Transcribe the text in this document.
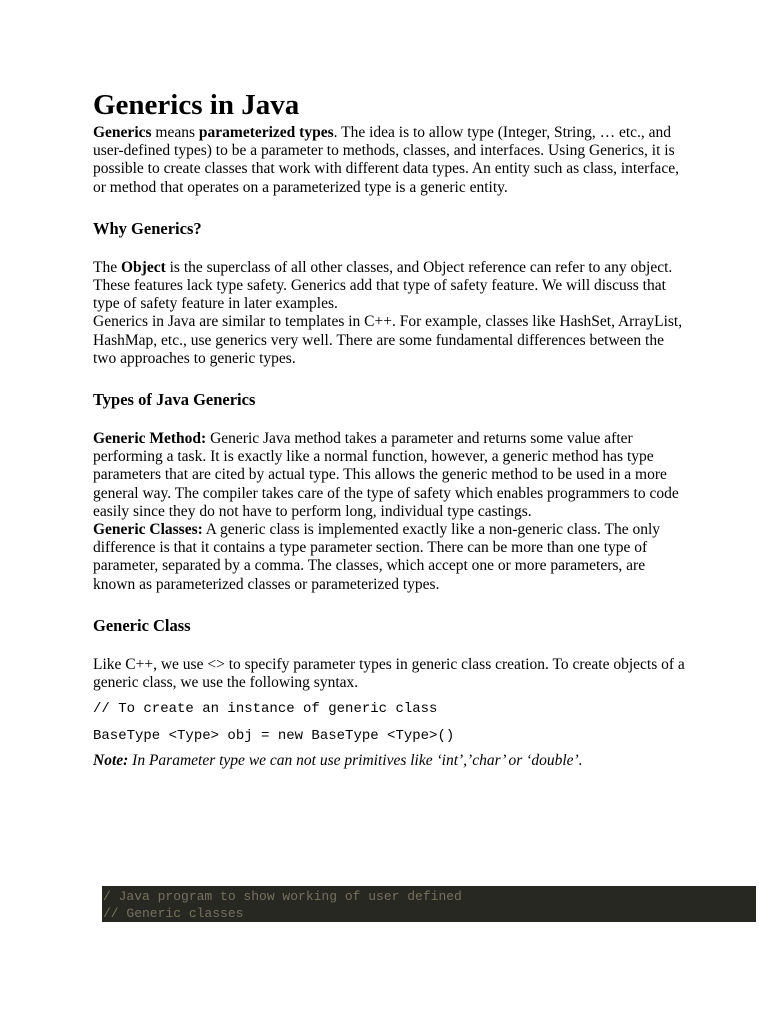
Generics in Java

Generics means parameterized types. The idea is to allow type (Integer, String, … etc., and user-defined types) to be a parameter to methods, classes, and interfaces. Using Generics, it is possible to create classes that work with different data types. An entity such as class, interface, or method that operates on a parameterized type is a generic entity.

Why Generics?

The Object is the superclass of all other classes, and Object reference can refer to any object. These features lack type safety. Generics add that type of safety feature. We will discuss that type of safety feature in later examples.

Generics in Java are similar to templates in C++. For example, classes like HashSet, ArrayList, HashMap, etc., use generics very well. There are some fundamental differences between the two approaches to generic types.

Types of Java Generics

Generic Method: Generic Java method takes a parameter and returns some value after performing a task. It is exactly like a normal function, however, a generic method has type parameters that are cited by actual type. This allows the generic method to be used in a more general way. The compiler takes care of the type of safety which enables programmers to code easily since they do not have to perform long, individual type castings.

Generic Classes: A generic class is implemented exactly like a non-generic class. The only difference is that it contains a type parameter section. There can be more than one type of parameter, separated by a comma. The classes, which accept one or more parameters, are known as parameterized classes or parameterized types.

Generic Class

Like C++, we use <> to specify parameter types in generic class creation. To create objects of a generic class, we use the following syntax.

// To create an instance of generic class

BaseType <Type> obj = new BaseType <Type>()

Note: In Parameter type we can not use primitives like ‘int’,’char’ or ‘double’.

/ Java program to show working of user defined

// Generic classes
